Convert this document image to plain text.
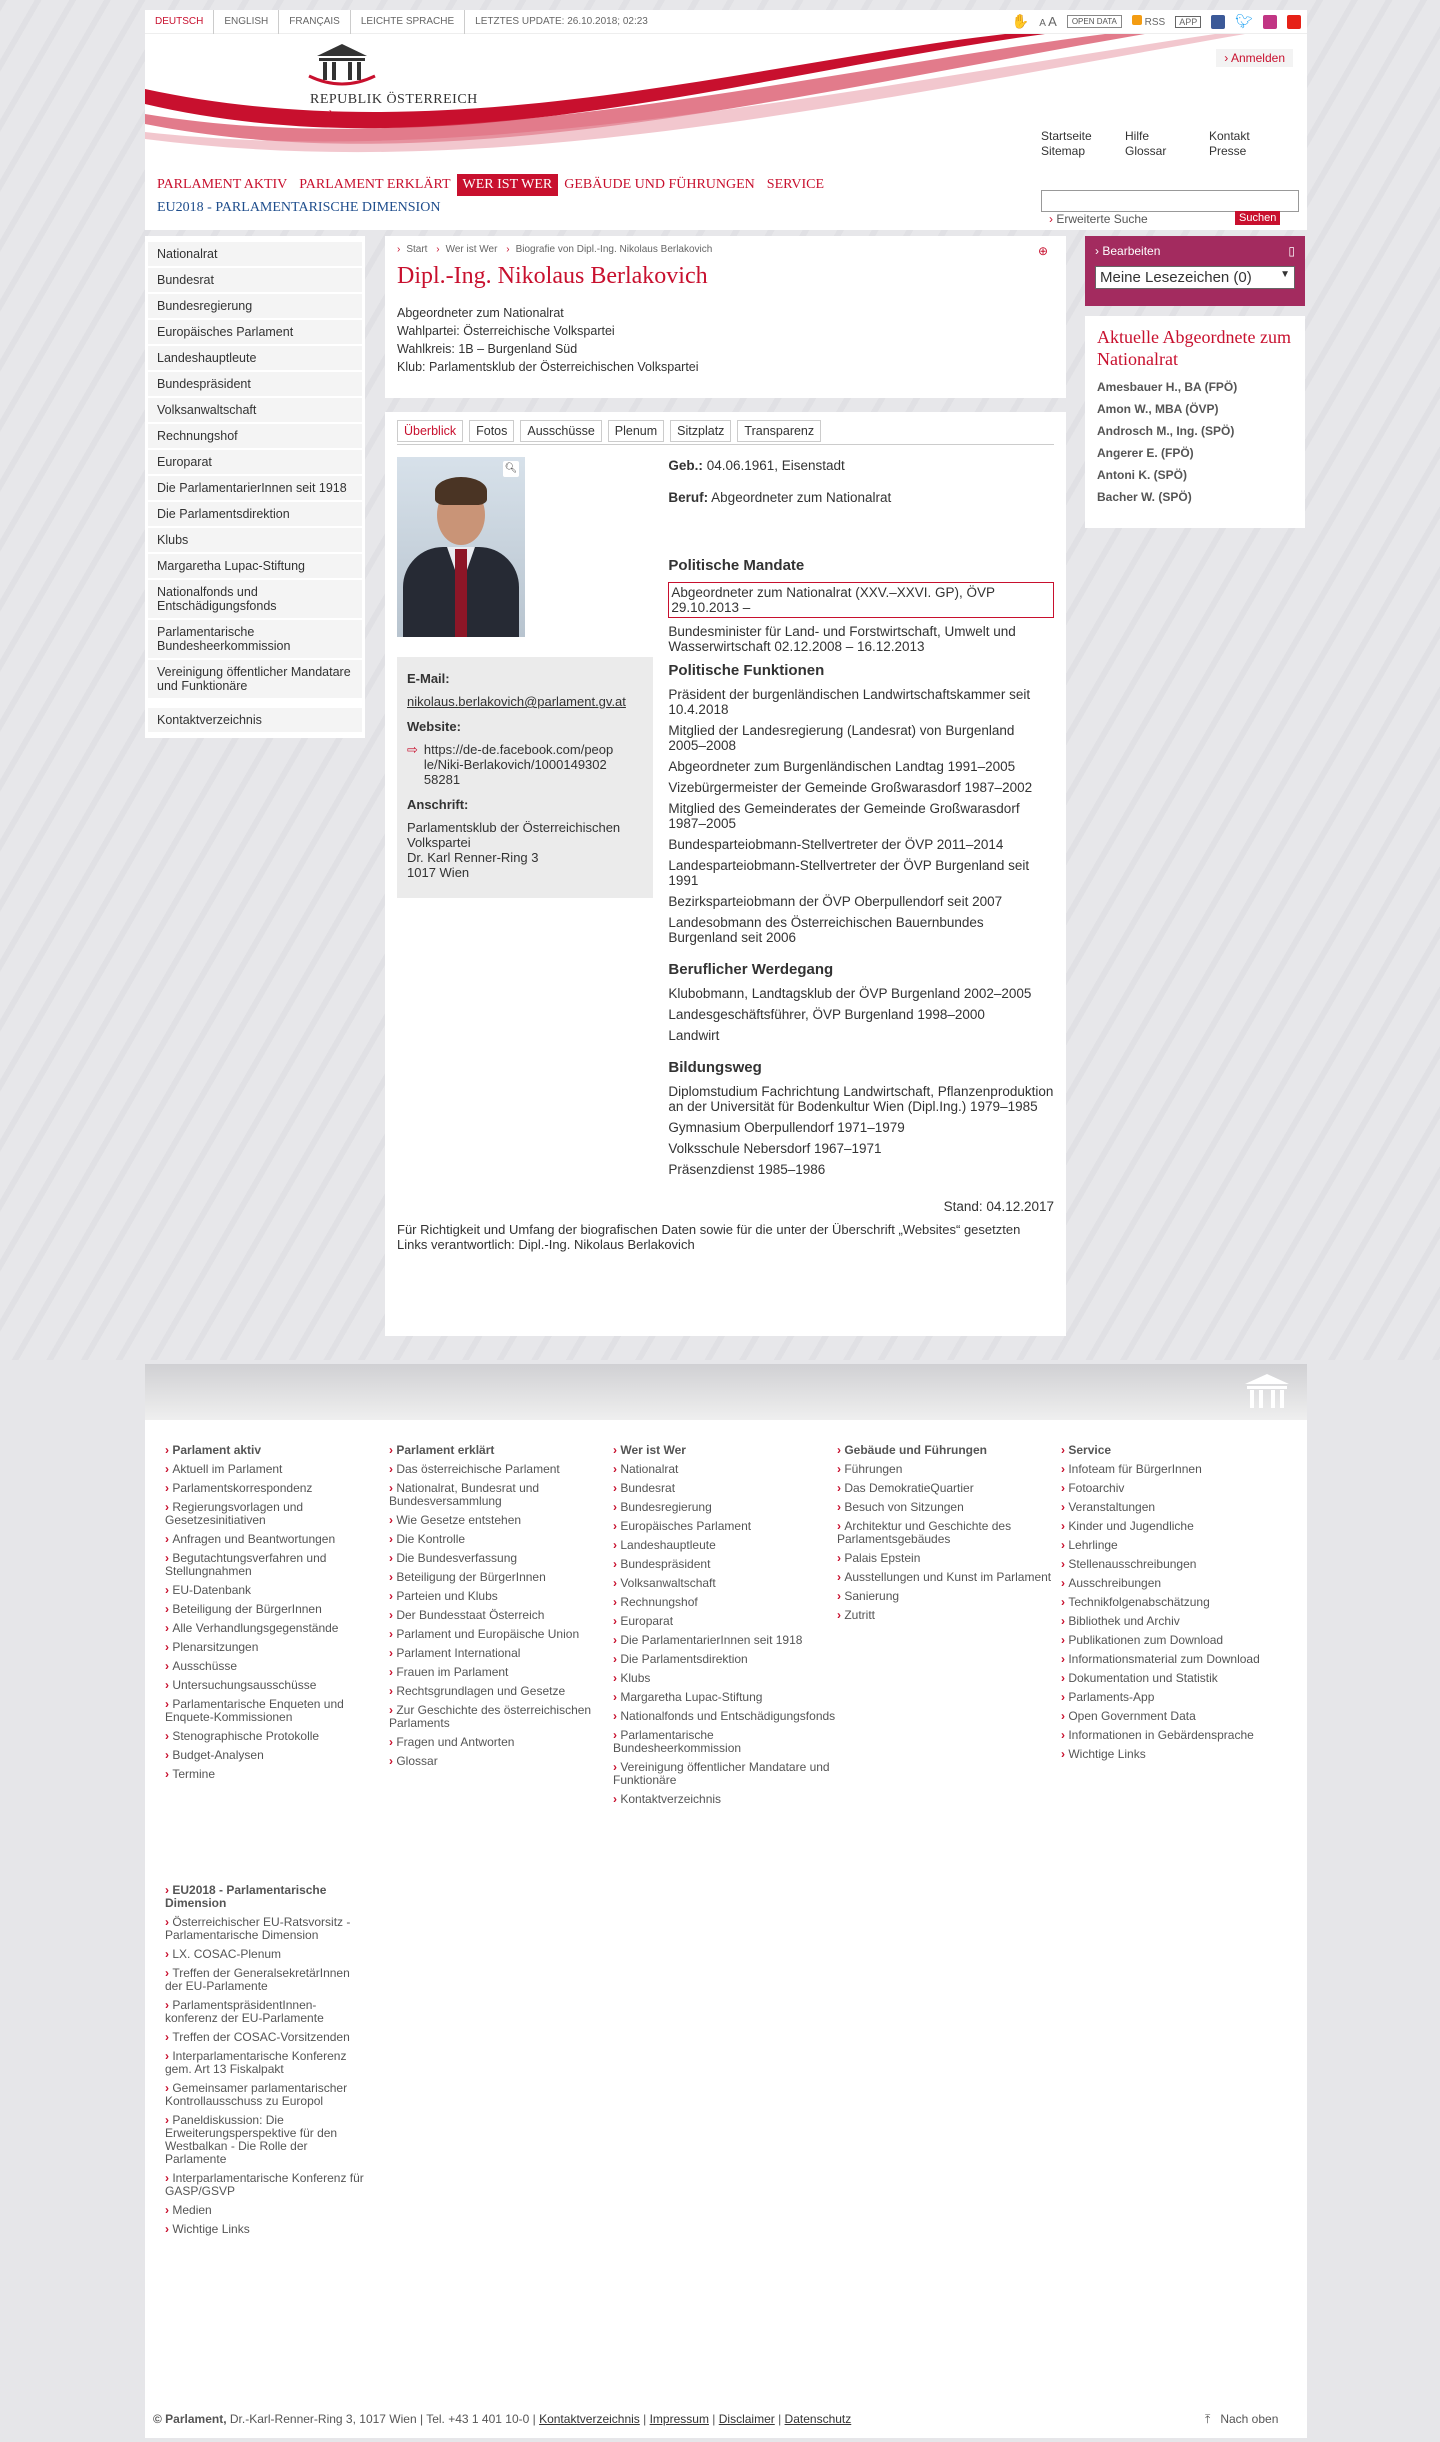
DEUTSCH	ENGLISH	FRANÇAIS	LEICHTE SPRACHE	LETZTES UPDATE: 26.10.2018; 02:23	✋ A A	OPEN DATA	RSS	APP	🐦︎
REPUBLIK ÖSTERREICH
Parlament
› Anmelden
Startseite	Hilfe	Kontakt
Sitemap	Glossar	Presse
PARLAMENT AKTIV PARLAMENT ERKLÄRT WER IST WER GEBÄUDE UND FÜHRUNGEN SERVICE
EU2018 - PARLAMENTARISCHE DIMENSION
› Erweiterte Suche	Suchen
Nationalrat
Bundesrat
Bundesregierung
Europäisches Parlament
Landeshauptleute
Bundespräsident
Volksanwaltschaft
Rechnungshof
Europarat
Die ParlamentarierInnen seit 1918
Die Parlamentsdirektion
Klubs
Margaretha Lupac-Stiftung
Nationalfonds und Entschädigungsfonds
Parlamentarische Bundesheerkommission
Vereinigung öffentlicher Mandatare und Funktionäre
Kontaktverzeichnis
› Start › Wer ist Wer › Biografie von Dipl.-Ing. Nikolaus Berlakovich	⊕
Dipl.-Ing. Nikolaus Berlakovich
Abgeordneter zum Nationalrat
Wahlpartei: Österreichische Volkspartei
Wahlkreis: 1B – Burgenland Süd
Klub: Parlamentsklub der Österreichischen Volkspartei
Überblick	Fotos	Ausschüsse	Plenum	Sitzplatz	Transparenz
🔍︎
E-Mail:
nikolaus.berlakovich@parlament.gv.at
Website:
⇨ https://de-de.facebook.com/people/Niki-Berlakovich/100014930258281
Anschrift:
Parlamentsklub der Österreichischen Volkspartei
Dr. Karl Renner-Ring 3
1017 Wien
Geb.: 04.06.1961, Eisenstadt
Beruf: Abgeordneter zum Nationalrat
Politische Mandate
Abgeordneter zum Nationalrat (XXV.–XXVI. GP), ÖVP 29.10.2013 –
Bundesminister für Land- und Forstwirtschaft, Umwelt und Wasserwirtschaft 02.12.2008 – 16.12.2013
Politische Funktionen
Präsident der burgenländischen Landwirtschaftskammer seit 10.4.2018
Mitglied der Landesregierung (Landesrat) von Burgenland 2005–2008
Abgeordneter zum Burgenländischen Landtag 1991–2005
Vizebürgermeister der Gemeinde Großwarasdorf 1987–2002
Mitglied des Gemeinderates der Gemeinde Großwarasdorf 1987–2005
Bundesparteiobmann-Stellvertreter der ÖVP 2011–2014
Landesparteiobmann-Stellvertreter der ÖVP Burgenland seit 1991
Bezirksparteiobmann der ÖVP Oberpullendorf seit 2007
Landesobmann des Österreichischen Bauernbundes Burgenland seit 2006
Beruflicher Werdegang
Klubobmann, Landtagsklub der ÖVP Burgenland 2002–2005
Landesgeschäftsführer, ÖVP Burgenland 1998–2000
Landwirt
Bildungsweg
Diplomstudium Fachrichtung Landwirtschaft, Pflanzenproduktion an der Universität für Bodenkultur Wien (Dipl.Ing.) 1979–1985
Gymnasium Oberpullendorf 1971–1979
Volksschule Nebersdorf 1967–1971
Präsenzdienst 1985–1986
Stand: 04.12.2017
Für Richtigkeit und Umfang der biografischen Daten sowie für die unter der Überschrift „Websites“ gesetzten Links verantwortlich: Dipl.-Ing. Nikolaus Berlakovich
› Bearbeiten	▯
Meine Lesezeichen (0)	▼
Aktuelle Abgeordnete zum Nationalrat
Amesbauer H., BA (FPÖ)
Amon W., MBA (ÖVP)
Androsch M., Ing. (SPÖ)
Angerer E. (FPÖ)
Antoni K. (SPÖ)
Bacher W. (SPÖ)
› Parlament aktiv
› Aktuell im Parlament
› Parlamentskorrespondenz
› Regierungsvorlagen und Gesetzesinitiativen
› Anfragen und Beantwortungen
› Begutachtungsverfahren und Stellungnahmen
› EU-Datenbank
› Beteiligung der BürgerInnen
› Alle Verhandlungsgegenstände
› Plenarsitzungen
› Ausschüsse
› Untersuchungsausschüsse
› Parlamentarische Enqueten und Enquete-Kommissionen
› Stenographische Protokolle
› Budget-Analysen
› Termine
› Parlament erklärt
› Das österreichische Parlament
› Nationalrat, Bundesrat und Bundesversammlung
› Wie Gesetze entstehen
› Die Kontrolle
› Die Bundesverfassung
› Beteiligung der BürgerInnen
› Parteien und Klubs
› Der Bundesstaat Österreich
› Parlament und Europäische Union
› Parlament International
› Frauen im Parlament
› Rechtsgrundlagen und Gesetze
› Zur Geschichte des österreichischen Parlaments
› Fragen und Antworten
› Glossar
› Wer ist Wer
› Nationalrat
› Bundesrat
› Bundesregierung
› Europäisches Parlament
› Landeshauptleute
› Bundespräsident
› Volksanwaltschaft
› Rechnungshof
› Europarat
› Die ParlamentarierInnen seit 1918
› Die Parlamentsdirektion
› Klubs
› Margaretha Lupac-Stiftung
› Nationalfonds und Entschädigungsfonds
› Parlamentarische Bundesheerkommission
› Vereinigung öffentlicher Mandatare und Funktionäre
› Kontaktverzeichnis
› Gebäude und Führungen
› Führungen
› Das DemokratieQuartier
› Besuch von Sitzungen
› Architektur und Geschichte des Parlamentsgebäudes
› Palais Epstein
› Ausstellungen und Kunst im Parlament
› Sanierung
› Zutritt
› Service
› Infoteam für BürgerInnen
› Fotoarchiv
› Veranstaltungen
› Kinder und Jugendliche
› Lehrlinge
› Stellenausschreibungen
› Ausschreibungen
› Technikfolgenabschätzung
› Bibliothek und Archiv
› Publikationen zum Download
› Informationsmaterial zum Download
› Dokumentation und Statistik
› Parlaments-App
› Open Government Data
› Informationen in Gebärdensprache
› Wichtige Links
› EU2018 - Parlamentarische Dimension
› Österreichischer EU-Ratsvorsitz - Parlamentarische Dimension
› LX. COSAC-Plenum
› Treffen der GeneralsekretärInnen der EU-Parlamente
› ParlamentspräsidentInnen-konferenz der EU-Parlamente
› Treffen der COSAC-Vorsitzenden
› Interparlamentarische Konferenz gem. Art 13 Fiskalpakt
› Gemeinsamer parlamentarischer Kontrollausschuss zu Europol
› Paneldiskussion: Die Erweiterungsperspektive für den Westbalkan - Die Rolle der Parlamente
› Interparlamentarische Konferenz für GASP/GSVP
› Medien
› Wichtige Links
© Parlament, Dr.-Karl-Renner-Ring 3, 1017 Wien | Tel. +43 1 401 10-0 | Kontaktverzeichnis | Impressum | Disclaimer | Datenschutz	⤒ Nach oben
